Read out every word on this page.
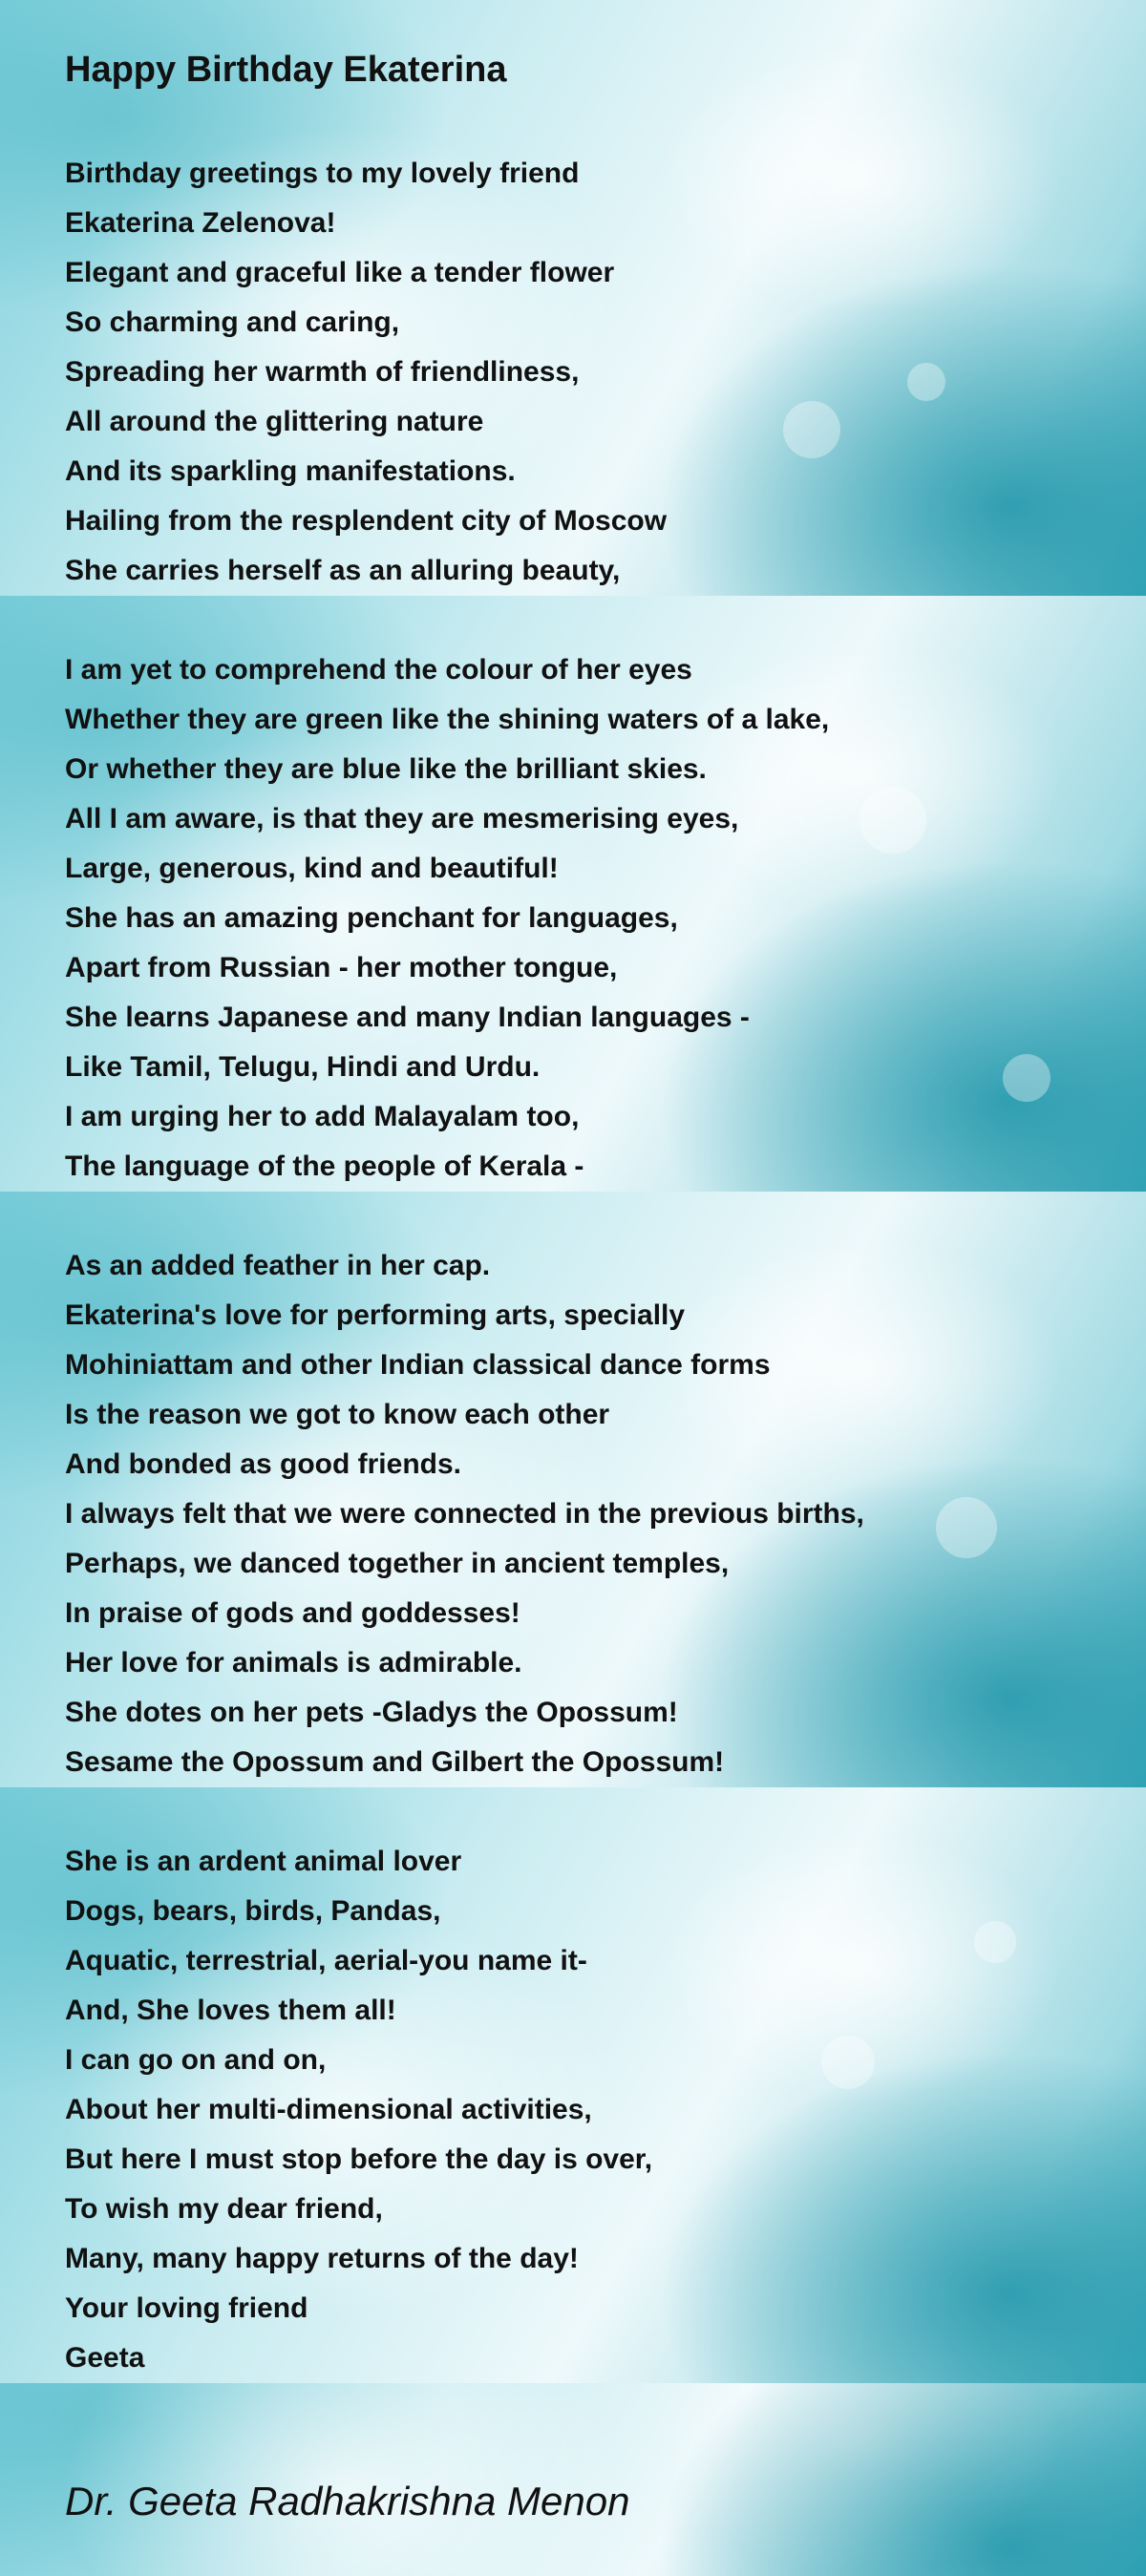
Happy Birthday Ekaterina
Birthday greetings to my lovely friend
Ekaterina Zelenova!
Elegant and graceful like a tender flower
So charming and caring,
Spreading her warmth of friendliness,
All around the glittering nature
And its sparkling manifestations.
Hailing from the resplendent city of Moscow
She carries herself as an alluring beauty,
I am yet to comprehend the colour of her eyes
Whether they are green like the shining waters of a lake,
Or whether they are blue like the brilliant skies.
All I am aware, is that they are mesmerising eyes,
Large, generous, kind and beautiful!
She has an amazing penchant for languages,
Apart from Russian - her mother tongue,
She learns Japanese and many Indian languages -
Like Tamil, Telugu, Hindi and Urdu.
I am urging her to add Malayalam too,
The language of the people of Kerala -
As an added feather in her cap.
Ekaterina's love for performing arts, specially
Mohiniattam and other Indian classical dance forms
Is the reason we got to know each other
And bonded as good friends.
I always felt that we were connected in the previous births,
Perhaps, we danced together in ancient temples,
In praise of gods and goddesses!
Her love for animals is admirable.
She dotes on her pets -Gladys the Opossum!
Sesame the Opossum and Gilbert the Opossum!
She is an ardent animal lover
Dogs, bears, birds, Pandas,
Aquatic, terrestrial, aerial-you name it-
And, She loves them all!
I can go on and on,
About her multi-dimensional activities,
But here I must stop before the day is over,
To wish my dear friend,
Many, many happy returns of the day!
Your loving friend
Geeta
Dr. Geeta Radhakrishna Menon
